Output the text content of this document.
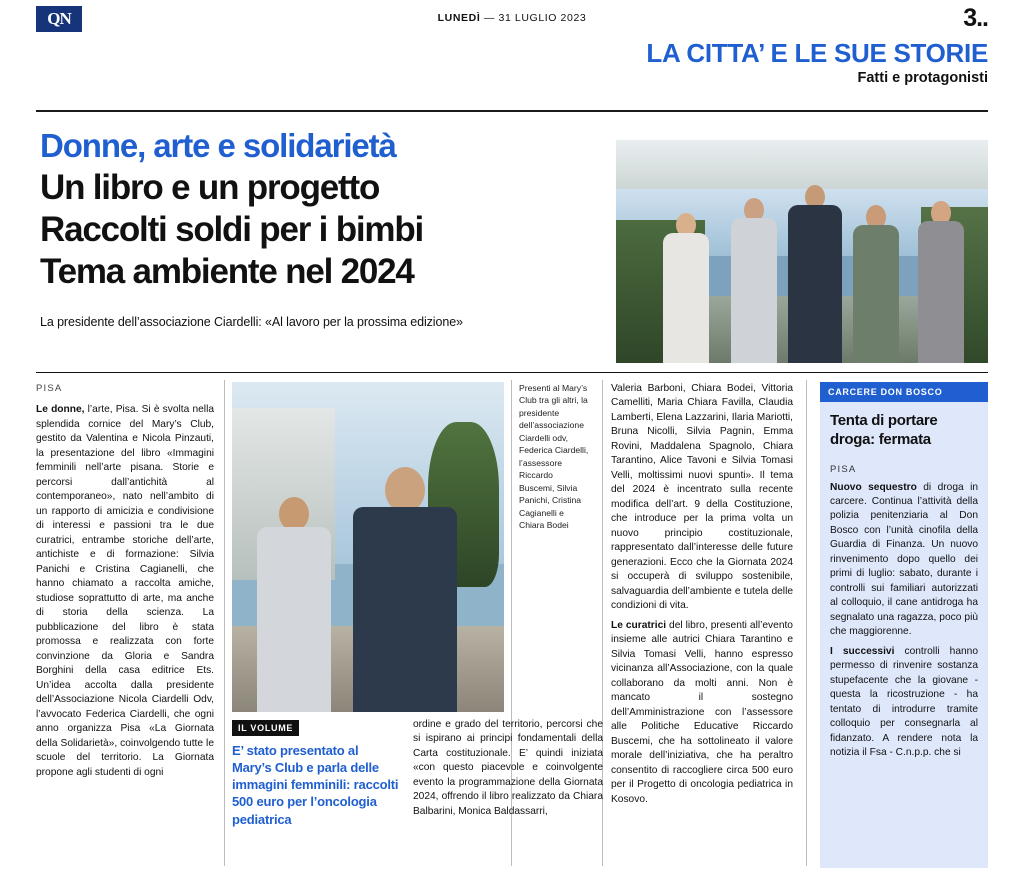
QN	LUNEDÌ — 31 LUGLIO 2023	3..
LA CITTA’ E LE SUE STORIE
Fatti e protagonisti
Donne, arte e solidarietà
Un libro e un progetto
Raccolti soldi per i bimbi
Tema ambiente nel 2024
La presidente dell’associazione Ciardelli: «Al lavoro per la prossima edizione»
PISA

Le donne, l’arte, Pisa. Si è svolta nella splendida cornice del Mary’s Club, gestito da Valentina e Nicola Pinzauti, la presentazione del libro «Immagini femminili nell’arte pisana. Storie e percorsi dall’antichità al contemporaneo», nato nell’ambito di un rapporto di amicizia e condivisione di interessi e passioni tra le due curatrici, entrambe storiche dell’arte, antichiste e di formazione: Silvia Panichi e Cristina Cagianelli, che hanno chiamato a raccolta amiche, studiose soprattutto di arte, ma anche di storia della scienza. La pubblicazione del libro è stata promossa e realizzata con forte convinzione da Gloria e Sandra Borghini della casa editrice Ets. Un’idea accolta dalla presidente dell’Associazione Nicola Ciardelli Odv, l’avvocato Federica Ciardelli, che ogni anno organizza Pisa «La Giornata della Solidarietà», coinvolgendo tutte le scuole del territorio. La Giornata propone agli studenti di ogni

Presenti al Mary’s Club tra gli altri, la presidente dell’associazione Ciardelli odv, Federica Ciardelli, l’assessore Riccardo Buscemi, Silvia Panichi, Cristina Cagianelli e Chiara Bodei

Valeria Barboni, Chiara Bodei, Vittoria Camelliti, Maria Chiara Favilla, Claudia Lamberti, Elena Lazzarini, Ilaria Mariotti, Bruna Nicolli, Silvia Pagnin, Emma Rovini, Maddalena Spagnolo, Chiara Tarantino, Alice Tavoni e Silvia Tomasi Velli, moltissimi nuovi spunti». Il tema del 2024 è incentrato sulla recente modifica dell’art. 9 della Costituzione, che introduce per la prima volta un nuovo principio costituzionale, rappresentato dall’interesse delle future generazioni. Ecco che la Giornata 2024 si occuperà di sviluppo sostenibile, salvaguardia dell’ambiente e tutela delle condizioni di vita.

Le curatrici del libro, presenti all’evento insieme alle autrici Chiara Tarantino e Silvia Tomasi Velli, hanno espresso vicinanza all’Associazione, con la quale collaborano da molti anni. Non è mancato il sostegno dell’Amministrazione con l’assessore alle Politiche Educative Riccardo Buscemi, che ha sottolineato il valore morale dell’iniziativa, che ha peraltro consentito di raccogliere circa 500 euro per il Progetto di oncologia pediatrica in Kosovo.

ordine e grado del territorio, percorsi che si ispirano ai principi fondamentali della Carta costituzionale. E’ quindi iniziata «con questo piacevole e coinvolgente evento la programmazione della Giornata 2024, offrendo il libro realizzato da Chiara Balbarini, Monica Baldassarri,

IL VOLUME
E’ stato presentato al Mary’s Club e parla delle immagini femminili: raccolti 500 euro per l’oncologia pediatrica
CARCERE DON BOSCO
Tenta di portare droga: fermata
PISA

Nuovo sequestro di droga in carcere. Continua l’attività della polizia penitenziaria al Don Bosco con l’unità cinofila della Guardia di Finanza. Un nuovo rinvenimento dopo quello dei primi di luglio: sabato, durante i controlli sui familiari autorizzati al colloquio, il cane antidroga ha segnalato una ragazza, poco più che maggiorenne.

I successivi controlli hanno permesso di rinvenire sostanza stupefacente che la giovane - questa la ricostruzione - ha tentato di introdurre tramite colloquio per consegnarla al fidanzato. A rendere nota la notizia il Fsa - C.n.p.p. che si
